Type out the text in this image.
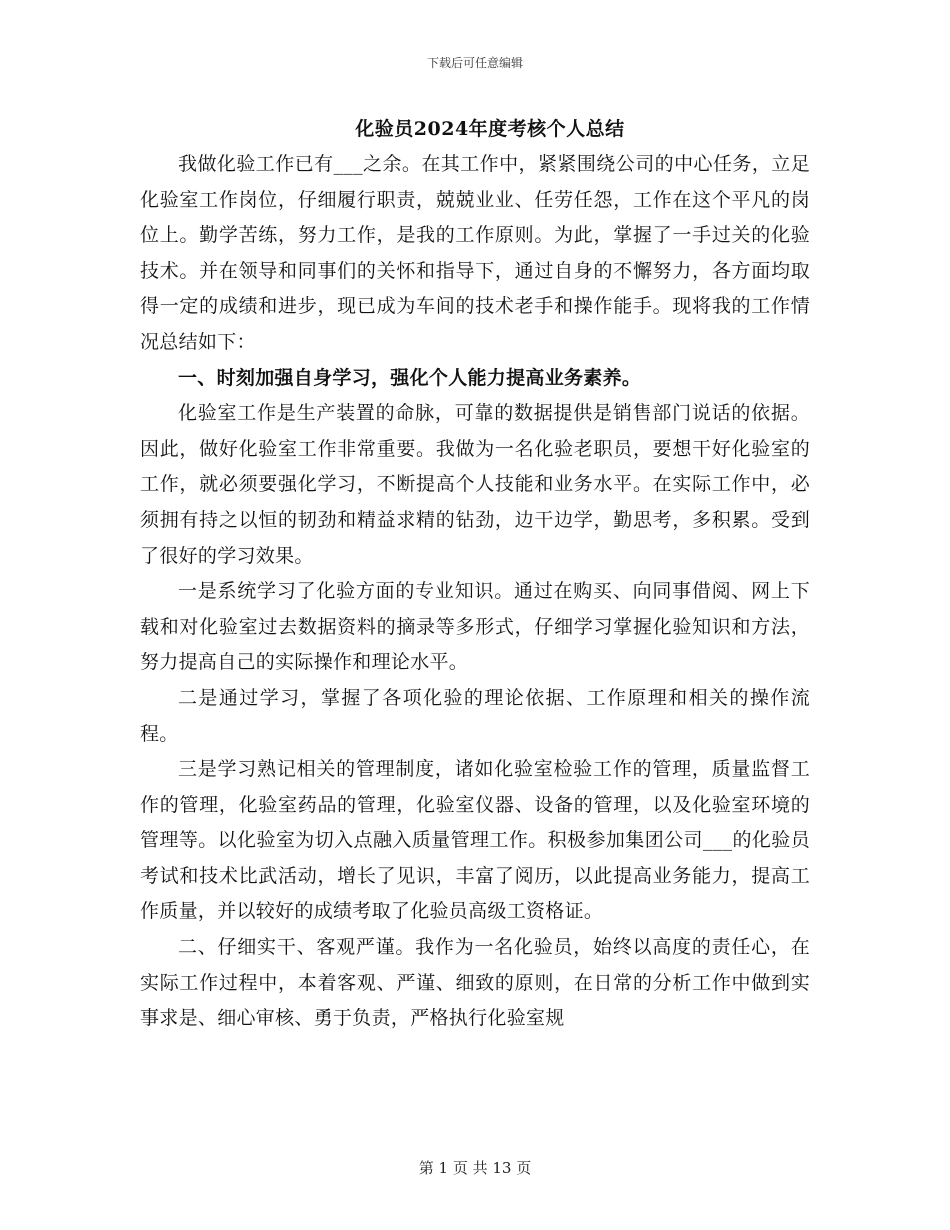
下载后可任意编辑
化验员2024年度考核个人总结

我做化验工作已有___之余。在其工作中，紧紧围绕公司的中心任务，立足化验室工作岗位，仔细履行职责，兢兢业业、任劳任怨，工作在这个平凡的岗位上。勤学苦练，努力工作，是我的工作原则。为此，掌握了一手过关的化验技术。并在领导和同事们的关怀和指导下，通过自身的不懈努力，各方面均取得一定的成绩和进步，现已成为车间的技术老手和操作能手。现将我的工作情况总结如下：

一、时刻加强自身学习，强化个人能力提高业务素养。

化验室工作是生产装置的命脉，可靠的数据提供是销售部门说话的依据。因此，做好化验室工作非常重要。我做为一名化验老职员，要想干好化验室的工作，就必须要强化学习，不断提高个人技能和业务水平。在实际工作中，必须拥有持之以恒的韧劲和精益求精的钻劲，边干边学，勤思考，多积累。受到了很好的学习效果。

一是系统学习了化验方面的专业知识。通过在购买、向同事借阅、网上下载和对化验室过去数据资料的摘录等多形式，仔细学习掌握化验知识和方法，努力提高自己的实际操作和理论水平。

二是通过学习，掌握了各项化验的理论依据、工作原理和相关的操作流程。

三是学习熟记相关的管理制度，诸如化验室检验工作的管理，质量监督工作的管理，化验室药品的管理，化验室仪器、设备的管理，以及化验室环境的管理等。以化验室为切入点融入质量管理工作。积极参加集团公司___的化验员考试和技术比武活动，增长了见识，丰富了阅历，以此提高业务能力，提高工作质量，并以较好的成绩考取了化验员高级工资格证。

二、仔细实干、客观严谨。我作为一名化验员，始终以高度的责任心，在实际工作过程中，本着客观、严谨、细致的原则，在日常的分析工作中做到实事求是、细心审核、勇于负责，严格执行化验室规

第 1 页 共 13 页
